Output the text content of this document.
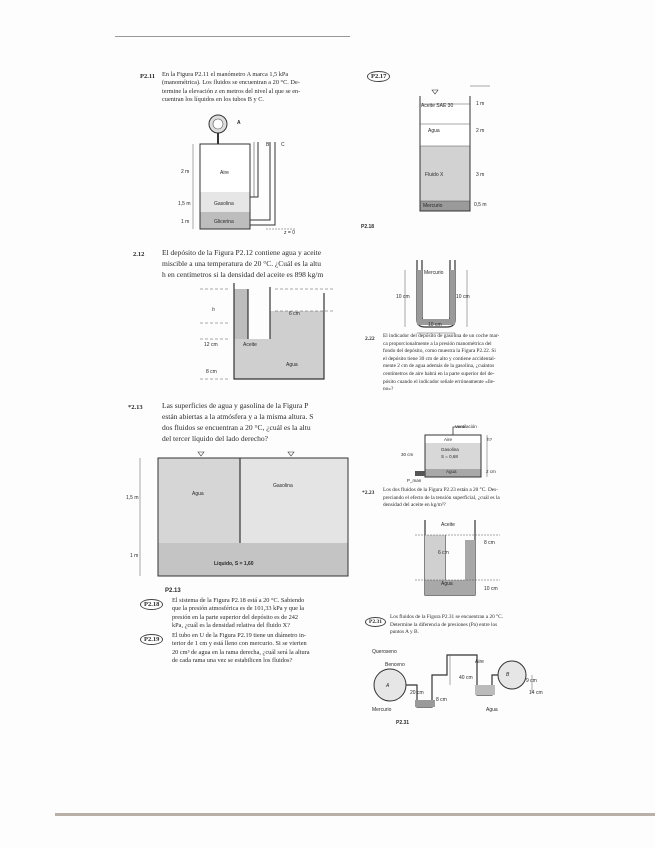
P2.11 En la Figura P2.11 el manómetro A marca 1,5 kPa
(manométrica). Los fluidos se encuentran a 20 °C. De-
termine la elevación z en metros del nivel al que se en-
cuentran los líquidos en los tubos B y C.
A
B C
Aire
Gasolina
Glicerina
2 m
1,5 m
1 m
z = 0
2.12 El depósito de la Figura P2.12 contiene agua y aceite
miscible a una temperatura de 20 °C. ¿Cuál es la altu
h en centímetros si la densidad del aceite es 898 kg/m
h
6 cm
12 cm
8 cm
Aceite
Agua
*2.13	Las superficies de agua y gasolina de la Figura P
están abiertas a la atmósfera y a la misma altura. S
dos fluidos se encuentran a 20 °C, ¿cuál es la altu
del tercer líquido del lado derecho?
Agua
Gasolina
1,5 m
1 m
Líquido, S = 1,60
P2.13
P2.18
El sistema de la Figura P2.18 está a 20 °C. Sabiendo
que la presión atmosférica es de 101,33 kPa y que la
presión en la parte superior del depósito es de 242
kPa, ¿cuál es la densidad relativa del fluido X?
P2.19
El tubo en U de la Figura P2.19 tiene un diámetro in-
terior de 1 cm y está lleno con mercurio. Si se vierten
20 cm³ de agua en la rama derecha, ¿cuál será la altura
de cada rama una vez se estabilicen los fluidos?
P2.17
Aceite SAE 30
Agua
Fluido X
Mercurio
1 m
2 m
3 m
0,5 m
P2.18
Mercurio
10 cm	10 cm
10 cm
2.22 El indicador del depósito de gasolina de un coche mar-
ca proporcionalmente a la presión manométrica del
fondo del depósito, como muestra la Figura P2.22. Si
el depósito tiene 30 cm de alto y contiene accidental-
mente 2 cm de agua además de la gasolina, ¿cuántos
centímetros de aire habrá en la parte superior del de-
pósito cuando el indicador señale erróneamente «lle-
no»?
Ventilación
Aire	h?
30 cm
Gasolina
S = 0,68
Agua	2 cm
P_man
*2.23 Los dos fluidos de la Figura P2.23 están a 20 °C. Des-
preciando el efecto de la tensión superficial, ¿cuál es la
densidad del aceite en kg/m³?
Aceite
Agua
6 cm
8 cm
10 cm
P2.31
Los fluidos de la Figura P2.31 se encuentran a 20 °C.
Determine la diferencia de presiones (Pa) entre los
puntos A y B.
Queroseno
Benceno	Aire
A
B
40 cm	9 cm
14 cm
20 cm
8 cm
Mercurio	Agua
P2.31
